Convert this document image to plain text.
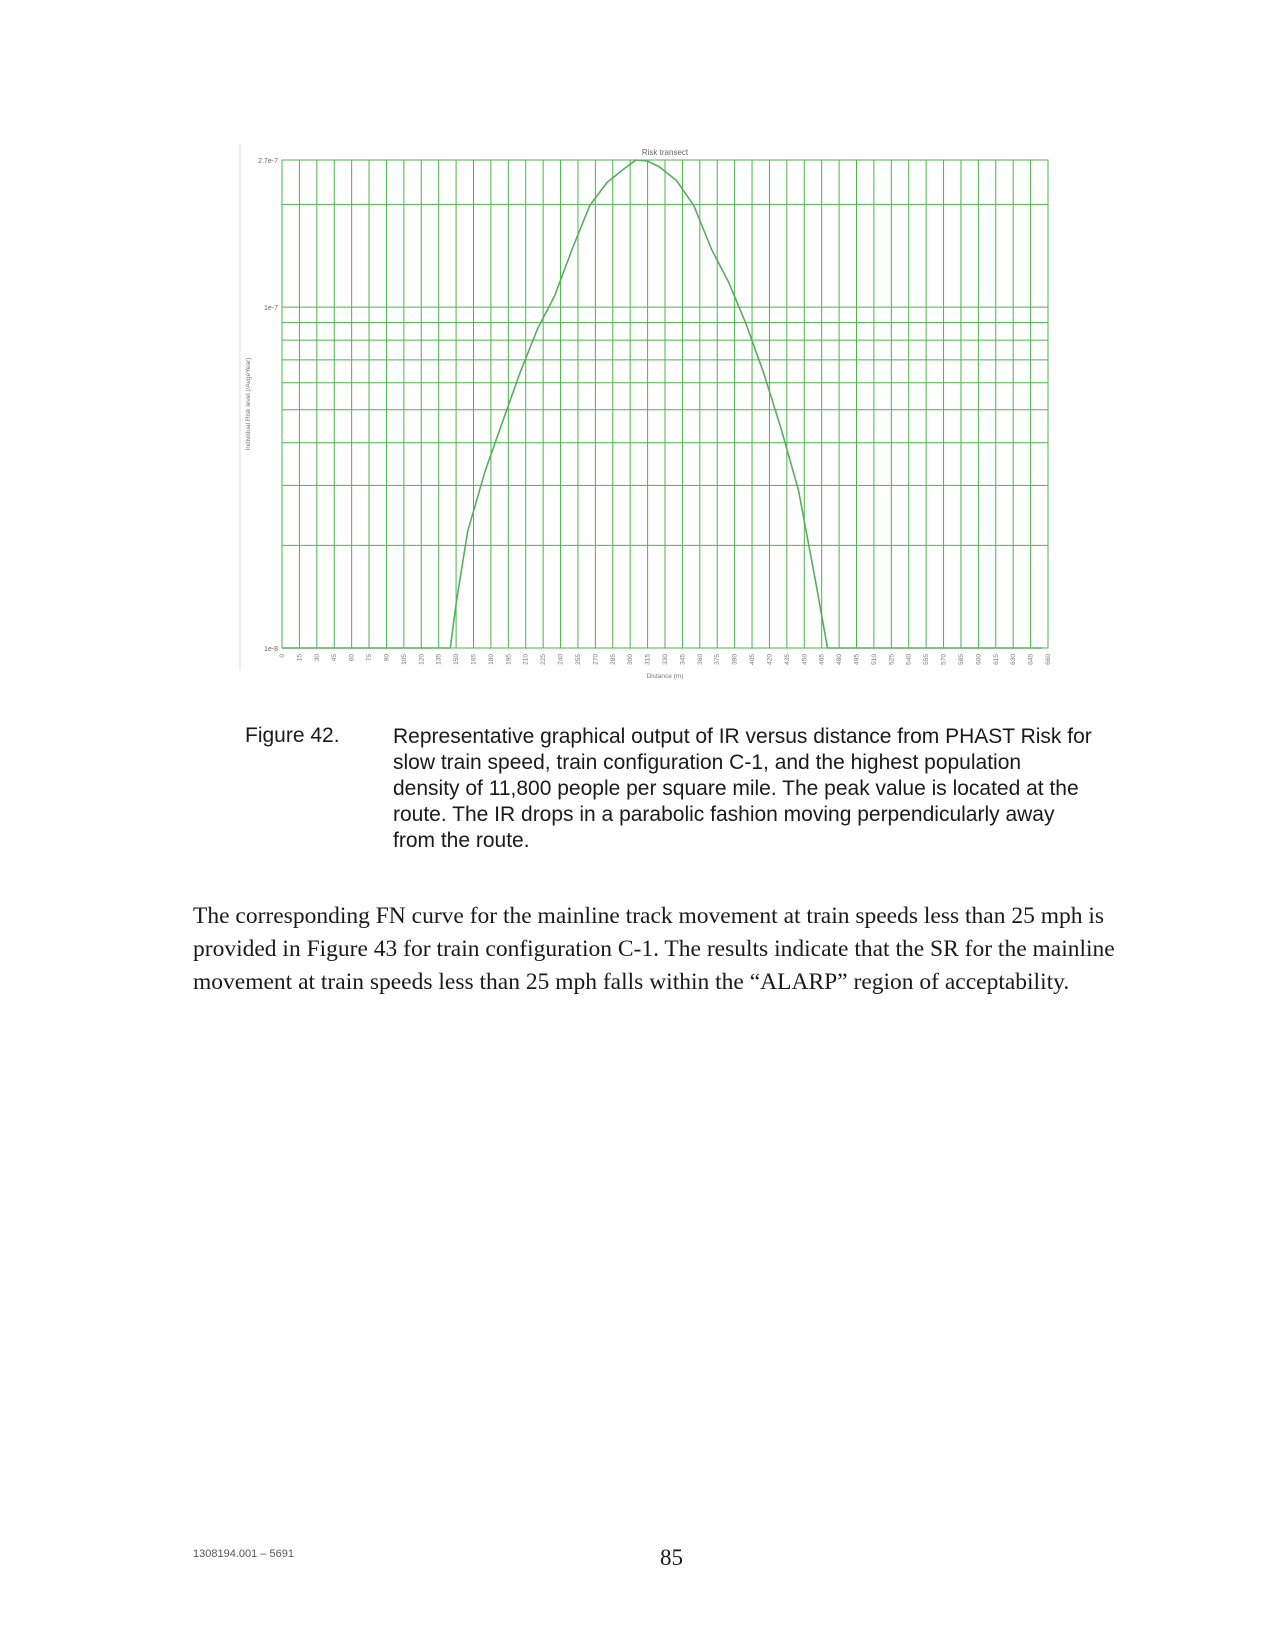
Risk transect
2.7e-7
1e-7
1e-8
0 15 30 45 60 75 90 105 120 135 150 165 180 195 210 225 240 255 270 285 300 315 330 345 360 375 390 405 420 435 450 465 480 495 510 525 540 555 570 585 600 615 630 645 660
Distance (m)
Individual Risk level (/AvgeYear)
Figure 42.	Representative graphical output of IR versus distance from PHAST Risk for slow train speed, train configuration C-1, and the highest population density of 11,800 people per square mile. The peak value is located at the route. The IR drops in a parabolic fashion moving perpendicularly away from the route.
The corresponding FN curve for the mainline track movement at train speeds less than 25 mph is provided in Figure 43 for train configuration C-1. The results indicate that the SR for the mainline movement at train speeds less than 25 mph falls within the “ALARP” region of acceptability.
1308194.001 – 5691	85
